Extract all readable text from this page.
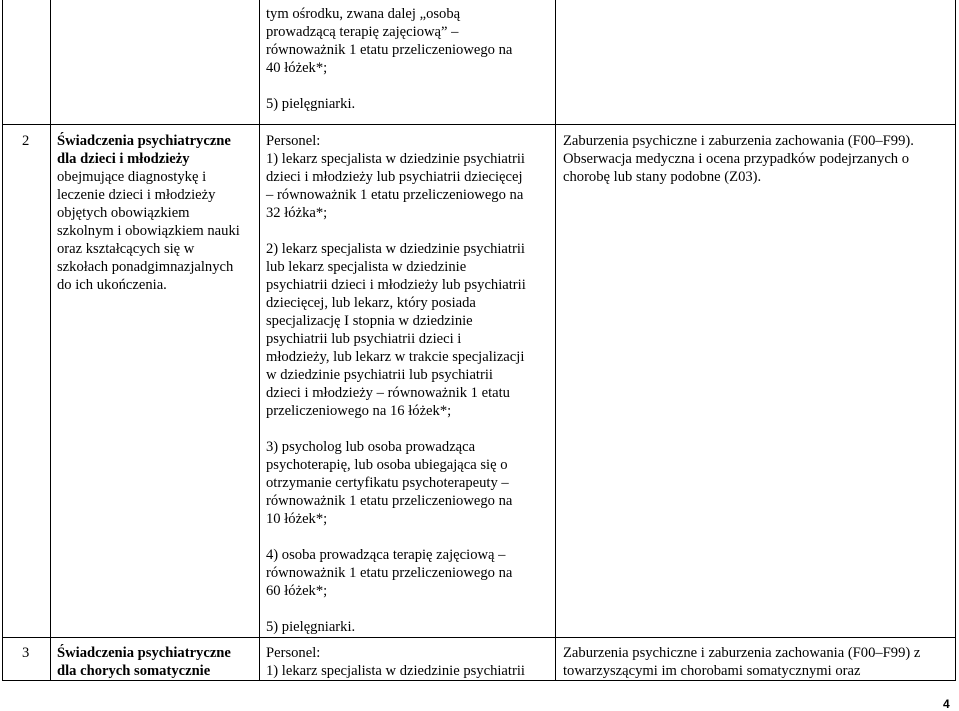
tym ośrodku, zwana dalej „osobą
prowadzącą terapię zajęciową” –
równoważnik 1 etatu przeliczeniowego na
40 łóżek*;
5) pielęgniarki.
2 Świadczenia psychiatryczne
dla dzieci i młodzieży
obejmujące diagnostykę i
leczenie dzieci i młodzieży
objętych obowiązkiem
szkolnym i obowiązkiem nauki
oraz kształcących się w
szkołach ponadgimnazjalnych
do ich ukończenia.
Personel:
1) lekarz specjalista w dziedzinie psychiatrii
dzieci i młodzieży lub psychiatrii dziecięcej
– równoważnik 1 etatu przeliczeniowego na
32 łóżka*;
2) lekarz specjalista w dziedzinie psychiatrii
lub lekarz specjalista w dziedzinie
psychiatrii dzieci i młodzieży lub psychiatrii
dziecięcej, lub lekarz, który posiada
specjalizację I stopnia w dziedzinie
psychiatrii lub psychiatrii dzieci i
młodzieży, lub lekarz w trakcie specjalizacji
w dziedzinie psychiatrii lub psychiatrii
dzieci i młodzieży – równoważnik 1 etatu
przeliczeniowego na 16 łóżek*;
3) psycholog lub osoba prowadząca
psychoterapię, lub osoba ubiegająca się o
otrzymanie certyfikatu psychoterapeuty –
równoważnik 1 etatu przeliczeniowego na
10 łóżek*;
4) osoba prowadząca terapię zajęciową –
równoważnik 1 etatu przeliczeniowego na
60 łóżek*;
5) pielęgniarki.
Zaburzenia psychiczne i zaburzenia zachowania (F00–F99).
Obserwacja medyczna i ocena przypadków podejrzanych o
chorobę lub stany podobne (Z03).
3 Świadczenia psychiatryczne
dla chorych somatycznie
Personel:
1) lekarz specjalista w dziedzinie psychiatrii
Zaburzenia psychiczne i zaburzenia zachowania (F00–F99) z
towarzyszącymi im chorobami somatycznymi oraz
4
